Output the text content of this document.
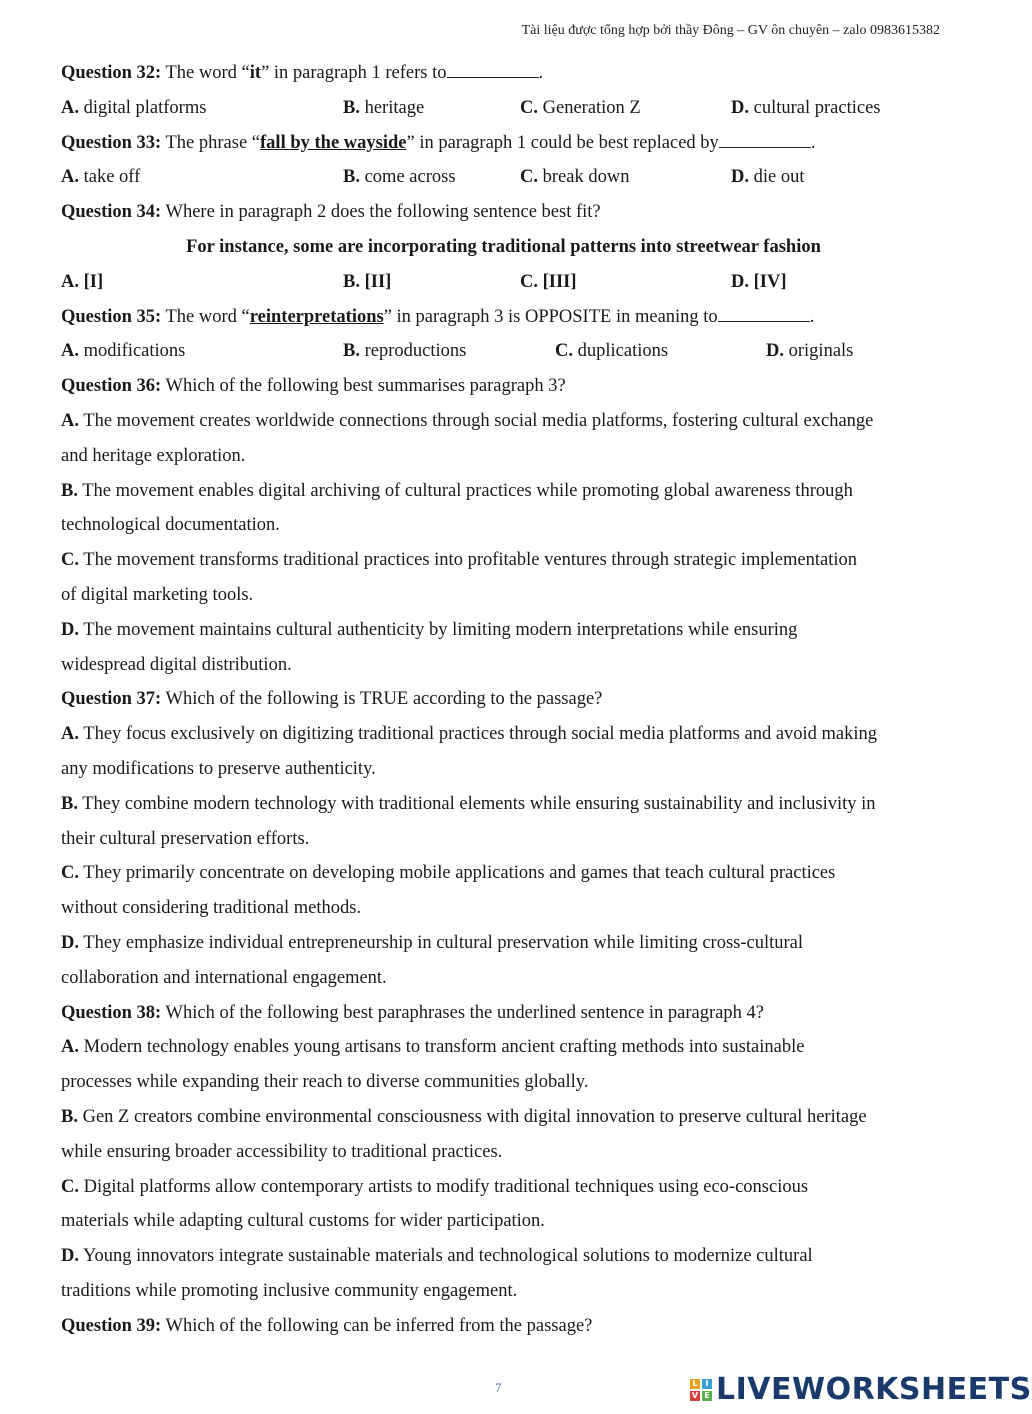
Tài liệu được tổng hợp bởi thầy Đông – GV ôn chuyên – zalo 0983615382
Question 32: The word “it” in paragraph 1 refers to	.
A. digital platforms	B. heritage	C. Generation Z	D. cultural practices
Question 33: The phrase “fall by the wayside” in paragraph 1 could be best replaced by	.
A. take off	B. come across	C. break down	D. die out
Question 34: Where in paragraph 2 does the following sentence best fit?
For instance, some are incorporating traditional patterns into streetwear fashion
A. [I]	B. [II]	C. [III]	D. [IV]
Question 35: The word “reinterpretations” in paragraph 3 is OPPOSITE in meaning to	.
A. modifications	B. reproductions	C. duplications	D. originals
Question 36: Which of the following best summarises paragraph 3?
A. The movement creates worldwide connections through social media platforms, fostering cultural exchange
and heritage exploration.
B. The movement enables digital archiving of cultural practices while promoting global awareness through
technological documentation.
C. The movement transforms traditional practices into profitable ventures through strategic implementation
of digital marketing tools.
D. The movement maintains cultural authenticity by limiting modern interpretations while ensuring
widespread digital distribution.
Question 37: Which of the following is TRUE according to the passage?
A. They focus exclusively on digitizing traditional practices through social media platforms and avoid making
any modifications to preserve authenticity.
B. They combine modern technology with traditional elements while ensuring sustainability and inclusivity in
their cultural preservation efforts.
C. They primarily concentrate on developing mobile applications and games that teach cultural practices
without considering traditional methods.
D. They emphasize individual entrepreneurship in cultural preservation while limiting cross-cultural
collaboration and international engagement.
Question 38: Which of the following best paraphrases the underlined sentence in paragraph 4?
A. Modern technology enables young artisans to transform ancient crafting methods into sustainable
processes while expanding their reach to diverse communities globally.
B. Gen Z creators combine environmental consciousness with digital innovation to preserve cultural heritage
while ensuring broader accessibility to traditional practices.
C. Digital platforms allow contemporary artists to modify traditional techniques using eco-conscious
materials while adapting cultural customs for wider participation.
D. Young innovators integrate sustainable materials and technological solutions to modernize cultural
traditions while promoting inclusive community engagement.
Question 39: Which of the following can be inferred from the passage?
7	L I
V E LIVEWORKSHEETS
